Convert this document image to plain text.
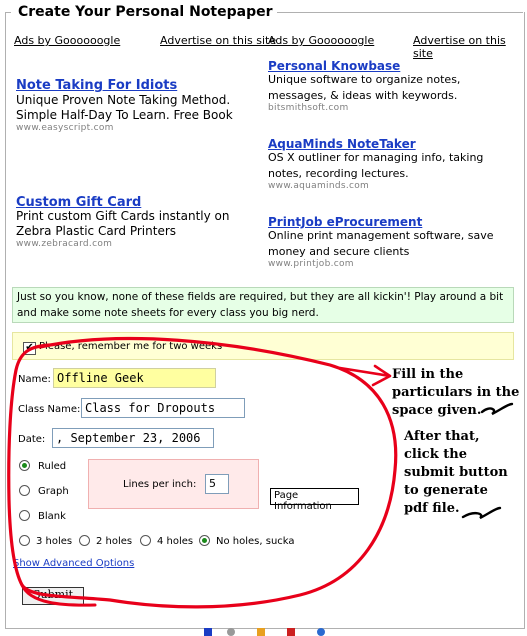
Create Your Personal Notepaper
Ads by Goooooogle	Advertise on this site
Ads by Goooooogle	Advertise on this site
Note Taking For Idiots
Unique Proven Note Taking Method. Simple Half-Day To Learn. Free Book
www.easyscript.com
Custom Gift Card
Print custom Gift Cards instantly on Zebra Plastic Card Printers
www.zebracard.com
Personal Knowbase
Unique software to organize notes, messages, & ideas with keywords.
bitsmithsoft.com
AquaMinds NoteTaker
OS X outliner for managing info, taking notes, recording lectures.
www.aquaminds.com
PrintJob eProcurement
Online print management software, save money and secure clients
www.printjob.com
Just so you know, none of these fields are required, but they are all kickin'! Play around a bit and make some note sheets for every class you big nerd.
✔ Please, remember me for two weeks
Name: Offline Geek
Class Name: Class for Dropouts
Date: , September 23, 2006
Ruled
Graph
Blank
Lines per inch:	5
Page Information
3 holes 2 holes 4 holes No holes, sucka
Show Advanced Options
Submit
Fill in the
particulars in the
space given.
After that,
click the
submit button
to generate
pdf file.
